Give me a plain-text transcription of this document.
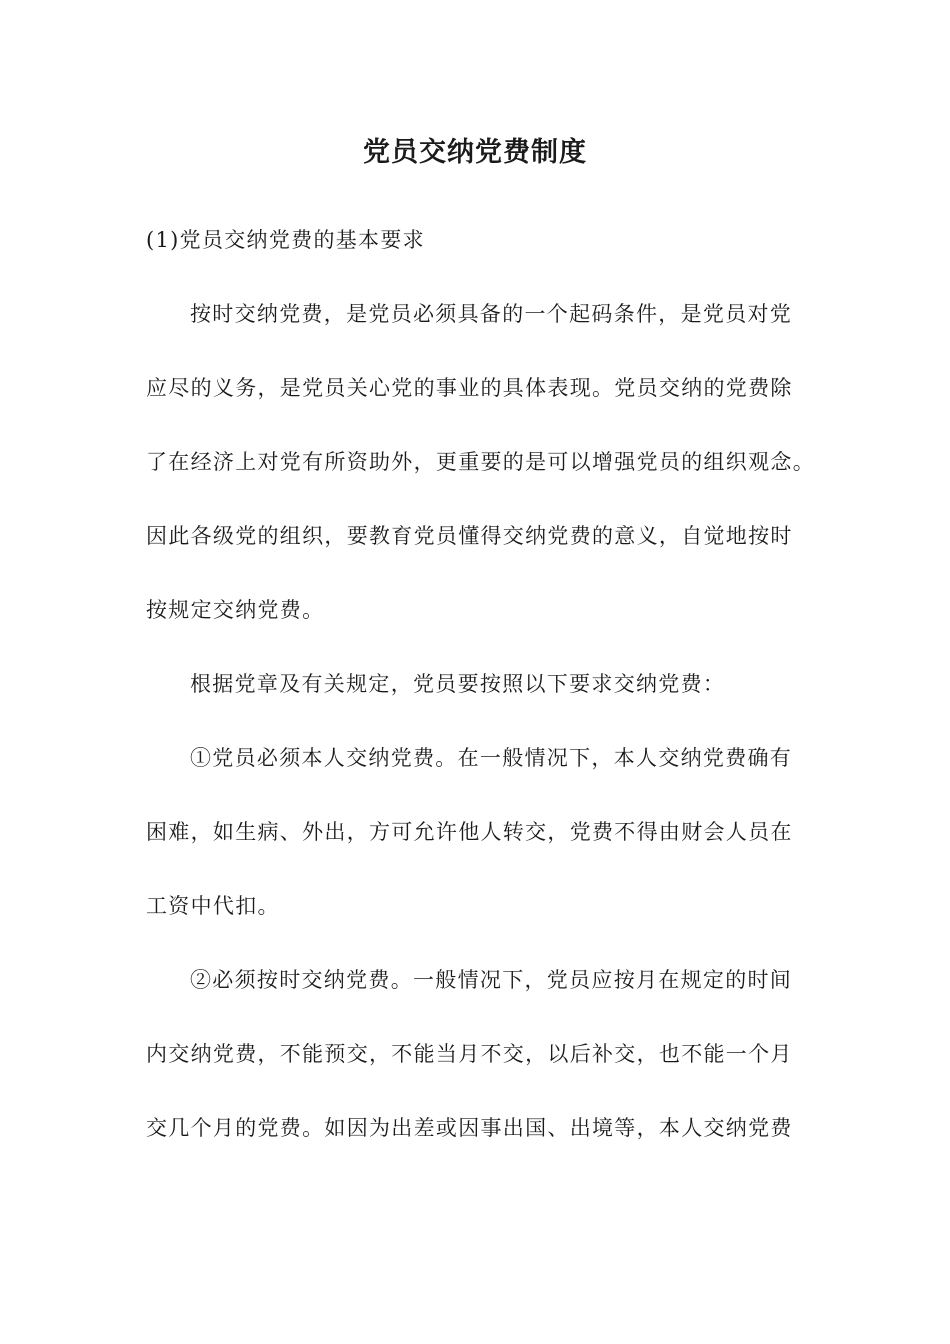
党员交纳党费制度

(1)党员交纳党费的基本要求

按时交纳党费，是党员必须具备的一个起码条件，是党员对党

应尽的义务，是党员关心党的事业的具体表现。党员交纳的党费除

了在经济上对党有所资助外，更重要的是可以增强党员的组织观念。

因此各级党的组织，要教育党员懂得交纳党费的意义，自觉地按时

按规定交纳党费。

根据党章及有关规定，党员要按照以下要求交纳党费：

①党员必须本人交纳党费。在一般情况下，本人交纳党费确有

困难，如生病、外出，方可允许他人转交，党费不得由财会人员在

工资中代扣。

②必须按时交纳党费。一般情况下，党员应按月在规定的时间

内交纳党费，不能预交，不能当月不交，以后补交，也不能一个月

交几个月的党费。如因为出差或因事出国、出境等，本人交纳党费
